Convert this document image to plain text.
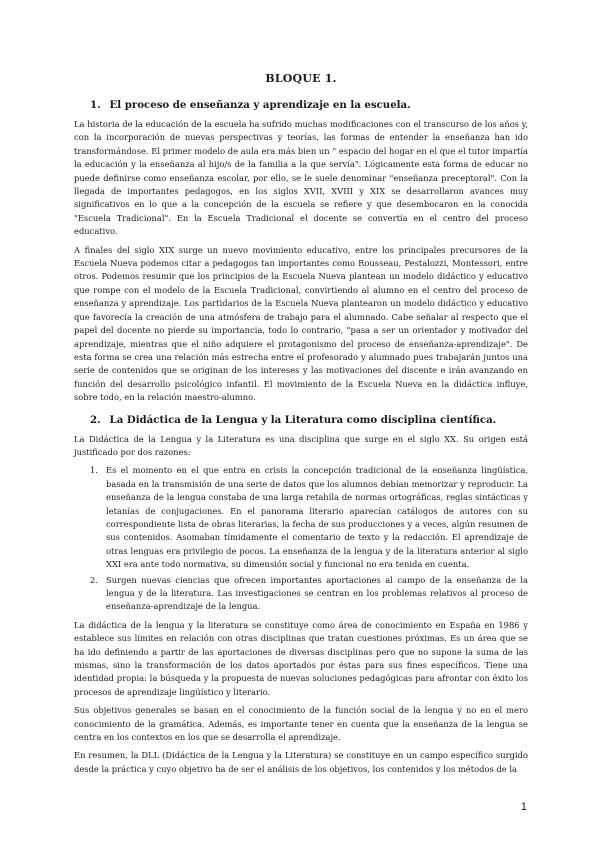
BLOQUE 1.
1. El proceso de enseñanza y aprendizaje en la escuela.

La historia de la educación de la escuela ha sufrido muchas modificaciones con el transcurso de los años y, con la incorporación de nuevas perspectivas y teorías, las formas de entender la enseñanza han ido transformándose. El primer modelo de aula era más bien un " espacio del hogar en el que el tutor impartía la educación y la enseñanza al hijo/s de la familia a la que servía". Lógicamente esta forma de educar no puede definirse como enseñanza escolar, por ello, se le suele denominar "enseñanza preceptoral". Con la llegada de importantes pedagogos, en los siglos XVII, XVIII y XIX se desarrollaron avances muy significativos en lo que a la concepción de la escuela se refiere y que desembocaron en la conocida "Escuela Tradicional". En la Escuela Tradicional el docente se convertía en el centro del proceso educativo.

A finales del siglo XIX surge un nuevo movimiento educativo, entre los principales precursores de la Escuela Nueva podemos citar a pedagogos tan importantes como Rousseau, Pestalozzi, Montessori, entre otros. Podemos resumir que los principios de la Escuela Nueva plantean un modelo didáctico y educativo que rompe con el modelo de la Escuela Tradicional, convirtiendo al alumno en el centro del proceso de enseñanza y aprendizaje. Los partidarios de la Escuela Nueva plantearon un modelo didáctico y educativo que favorecía la creación de una atmósfera de trabajo para el alumnado. Cabe señalar al respecto que el papel del docente no pierde su importancia, todo lo contrario, "pasa a ser un orientador y motivador del aprendizaje, mientras que el niño adquiere el protagonismo del proceso de enseñanza-aprendizaje". De esta forma se crea una relación más estrecha entre el profesorado y alumnado pues trabajarán juntos una serie de contenidos que se originan de los intereses y las motivaciones del discente e irán avanzando en función del desarrollo psicológico infantil. El movimiento de la Escuela Nueva en la didáctica influye, sobre todo, en la relación maestro-alumno.

2. La Didáctica de la Lengua y la Literatura como disciplina científica.

La Didáctica de la Lengua y la Literatura es una disciplina que surge en el siglo XX. Su origen está justificado por dos razones:

1. Es el momento en el que entra en crisis la concepción tradicional de la enseñanza lingüística, basada en la transmisión de una serie de datos que los alumnos debían memorizar y reproducir. La enseñanza de la lengua constaba de una larga retahíla de normas ortográficas, reglas sintácticas y letanías de conjugaciones. En el panorama literario aparecían catálogos de autores con su correspondiente lista de obras literarias, la fecha de sus producciones y a veces, algún resumen de sus contenidos. Asomaban tímidamente el comentario de texto y la redacción. El aprendizaje de otras lenguas era privilegio de pocos. La enseñanza de la lengua y de la literatura anterior al siglo XXI era ante todo normativa, su dimensión social y funcional no era tenida en cuenta.
2. Surgen nuevas ciencias que ofrecen importantes aportaciones al campo de la enseñanza de la lengua y de la literatura. Las investigaciones se centran en los problemas relativos al proceso de enseñanza-aprendizaje de la lengua.

La didáctica de la lengua y la literatura se constituye como área de conocimiento en España en 1986 y establece sus límites en relación con otras disciplinas que tratan cuestiones próximas. Es un área que se ha ido definiendo a partir de las aportaciones de diversas disciplinas pero que no supone la suma de las mismas, sino la transformación de los datos aportados por éstas para sus fines específicos. Tiene una identidad propia: la búsqueda y la propuesta de nuevas soluciones pedagógicas para afrontar con éxito los procesos de aprendizaje lingüístico y literario.

Sus objetivos generales se basan en el conocimiento de la función social de la lengua y no en el mero conocimiento de la gramática. Además, es importante tener en cuenta que la enseñanza de la lengua se centra en los contextos en los que se desarrolla el aprendizaje.

En resumen, la DLL (Didáctica de la Lengua y la Literatura) se constituye en un campo específico surgido desde la práctica y cuyo objetivo ha de ser el análisis de los objetivos, los contenidos y los métodos de la

1
